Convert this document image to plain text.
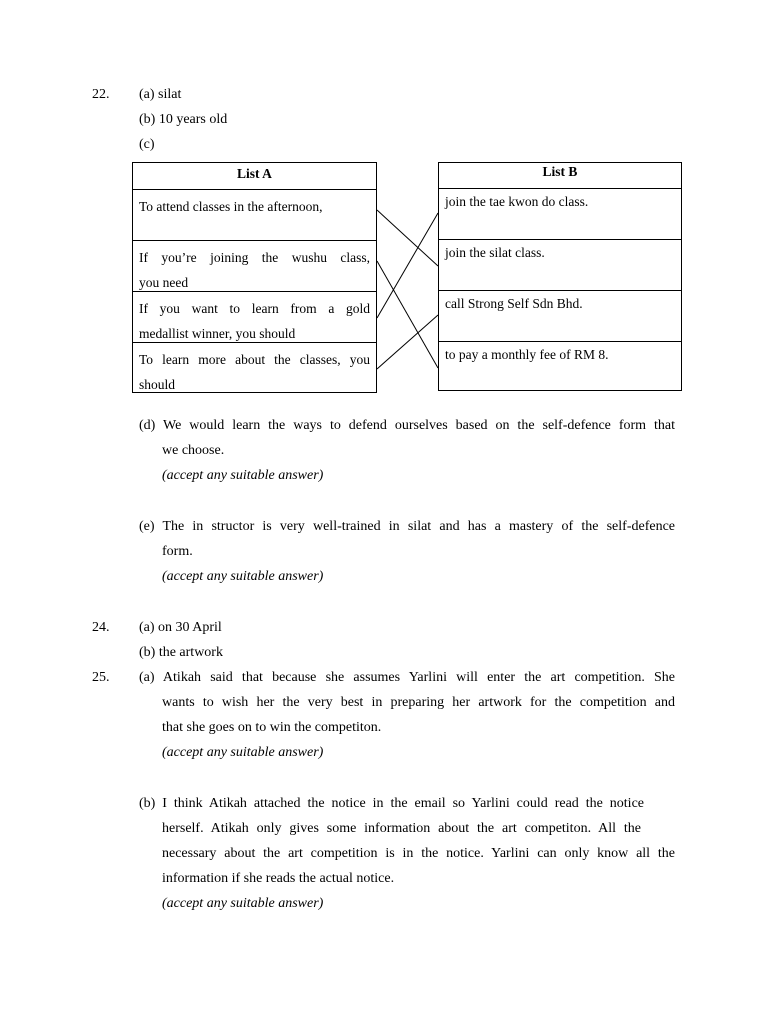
22. (a) silat
(b) 10 years old
(c)
List A
To attend classes in the afternoon,
If you’re joining the wushu class,
you need
If you want to learn from a gold
medallist winner, you should
To learn more about the classes, you
should
List B
join the tae kwon do class.
join the silat class.
call Strong Self Sdn Bhd.
to pay a monthly fee of RM 8.
(d) We would learn the ways to defend ourselves based on the self-defence form that
we choose.
(accept any suitable answer)
(e) The in structor is very well-trained in silat and has a mastery of the self-defence
form.
(accept any suitable answer)
24. (a) on 30 April
(b) the artwork
25. (a) Atikah said that because she assumes Yarlini will enter the art competition. She
wants to wish her the very best in preparing her artwork for the competition and
that she goes on to win the competiton.
(accept any suitable answer)
(b) I think Atikah attached the notice in the email so Yarlini could read the notice
herself. Atikah only gives some information about the art competiton. All the
necessary about the art competition is in the notice. Yarlini can only know all the
information if she reads the actual notice.
(accept any suitable answer)
